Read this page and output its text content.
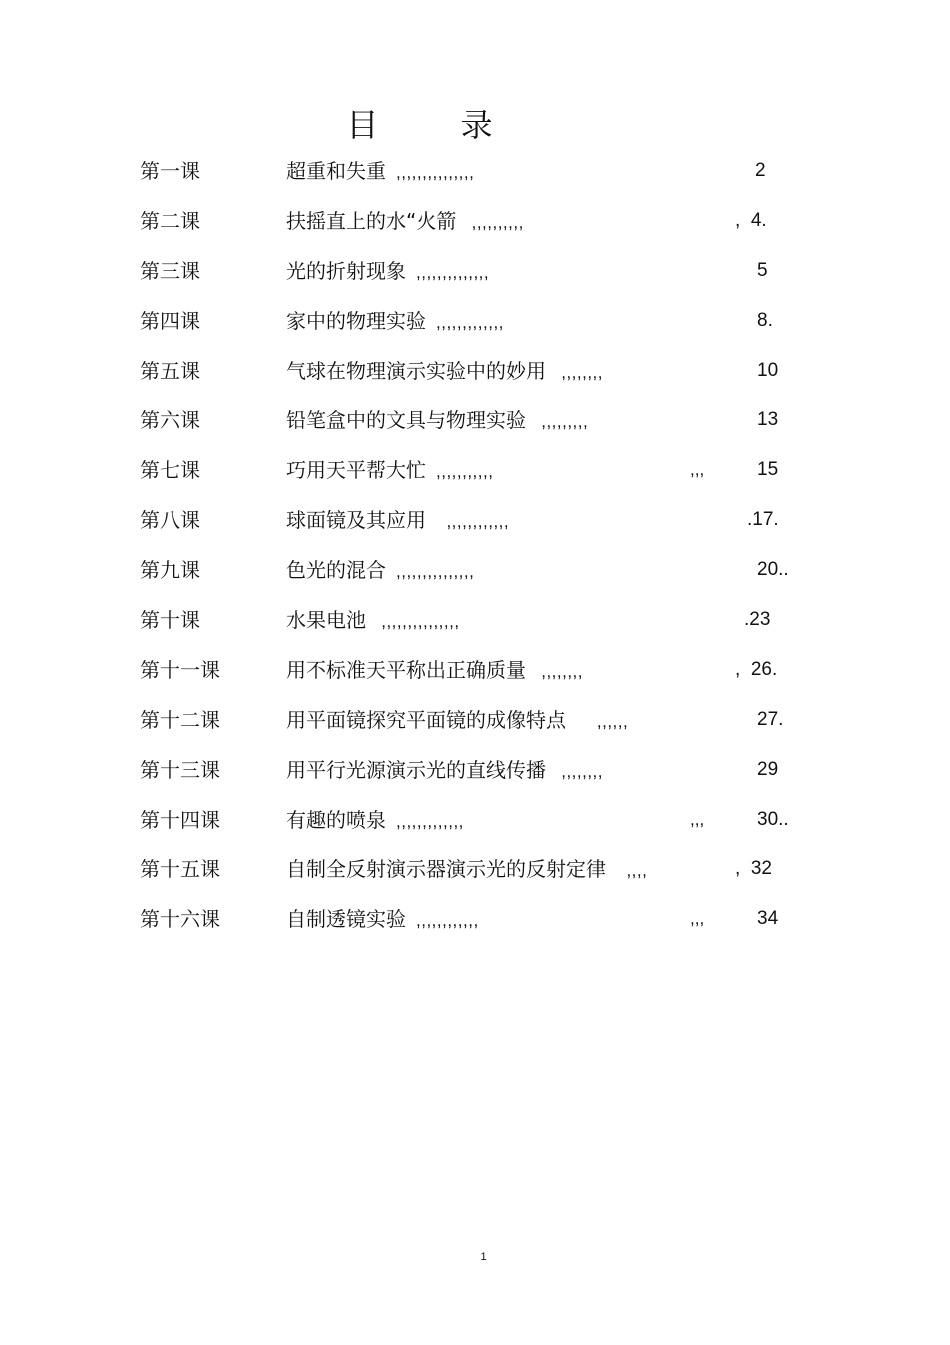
目 录
第一课	超重和失重 ,,,,,,,,,,,,,,,	2
第二课	扶摇直上的水“火箭 ,,,,,,,,,,	,  4.
第三课	光的折射现象 ,,,,,,,,,,,,,,	5
第四课	家中的物理实验 ,,,,,,,,,,,,,	8.
第五课	气球在物理演示实验中的妙用 ,,,,,,,,	10
第六课	铅笔盒中的文具与物理实验 ,,,,,,,,,	13
第七课	巧用天平帮大忙 ,,,,,,,,,,,	,,,	15
第八课	球面镜及其应用  ,,,,,,,,,,,,	.17.
第九课	色光的混合 ,,,,,,,,,,,,,,,	20..
第十课	水果电池 ,,,,,,,,,,,,,,,	.23
第十一课	用不标准天平称出正确质量 ,,,,,,,,	,  26.
第十二课	用平面镜探究平面镜的成像特点    ,,,,,,	27.
第十三课	用平行光源演示光的直线传播 ,,,,,,,,	29
第十四课	有趣的喷泉 ,,,,,,,,,,,,,	,,,	30..
第十五课	自制全反射演示器演示光的反射定律  ,,,,	,  32
第十六课	自制透镜实验 ,,,,,,,,,,,,	,,,	34
1
